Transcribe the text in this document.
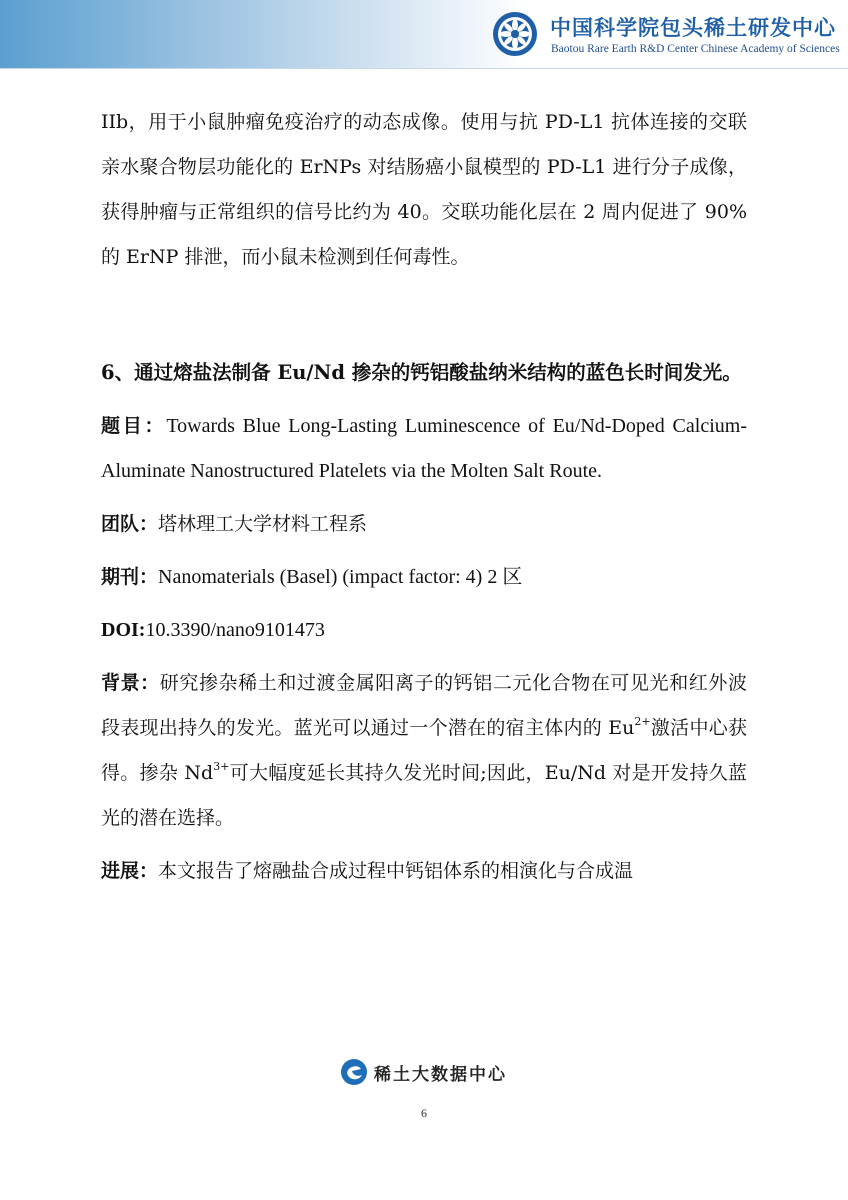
中国科学院包头稀土研发中心
Baotou Rare Earth R&D Center Chinese Academy of Sciences

IIb，用于小鼠肿瘤免疫治疗的动态成像。使用与抗 PD-L1 抗体连接的交联亲水聚合物层功能化的 ErNPs 对结肠癌小鼠模型的 PD-L1 进行分子成像，获得肿瘤与正常组织的信号比约为 40。交联功能化层在 2 周内促进了 90%的 ErNP 排泄，而小鼠未检测到任何毒性。

6、通过熔盐法制备 Eu/Nd 掺杂的钙铝酸盐纳米结构的蓝色长时间发光。

题目：Towards Blue Long-Lasting Luminescence of Eu/Nd-Doped Calcium-Aluminate Nanostructured Platelets via the Molten Salt Route.

团队：塔林理工大学材料工程系

期刊：Nanomaterials (Basel) (impact factor: 4) 2 区

DOI:10.3390/nano9101473

背景：研究掺杂稀土和过渡金属阳离子的钙铝二元化合物在可见光和红外波段表现出持久的发光。蓝光可以通过一个潜在的宿主体内的 $Eu^{2+}$激活中心获得。掺杂 $Nd^{3+}$可大幅度延长其持久发光时间;因此，Eu/Nd 对是开发持久蓝光的潜在选择。

进展：本文报告了熔融盐合成过程中钙铝体系的相演化与合成温

稀土大数据中心
6
